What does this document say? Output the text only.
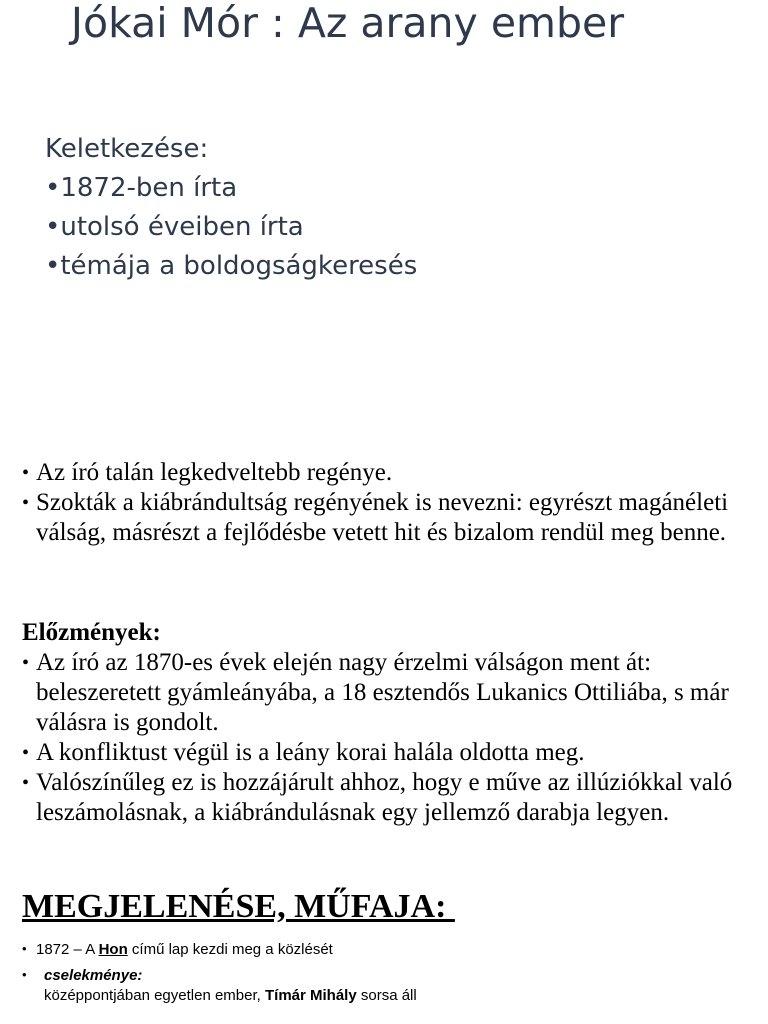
Jókai Mór : Az arany ember
Keletkezése:
•1872-ben írta
•utolsó éveiben írta
•témája a boldogságkeresés
• Az író talán legkedveltebb regénye.
• Szokták a kiábrándultság regényének is nevezni: egyrészt magánéleti válság, másrészt a fejlődésbe vetett hit és bizalom rendül meg benne.
Előzmények:
• Az író az 1870-es évek elején nagy érzelmi válságon ment át: beleszeretett gyámleányába, a 18 esztendős Lukanics Ottiliába, s már válásra is gondolt.
• A konfliktust végül is a leány korai halála oldotta meg.
• Valószínűleg ez is hozzájárult ahhoz, hogy e műve az illúziókkal való leszámolásnak, a kiábrándulásnak egy jellemző darabja legyen.
MEGJELENÉSE, MŰFAJA:
• 1872 – A Hon című lap kezdi meg a közlését
• cselekménye:
középpontjában egyetlen ember, Tímár Mihály sorsa áll
